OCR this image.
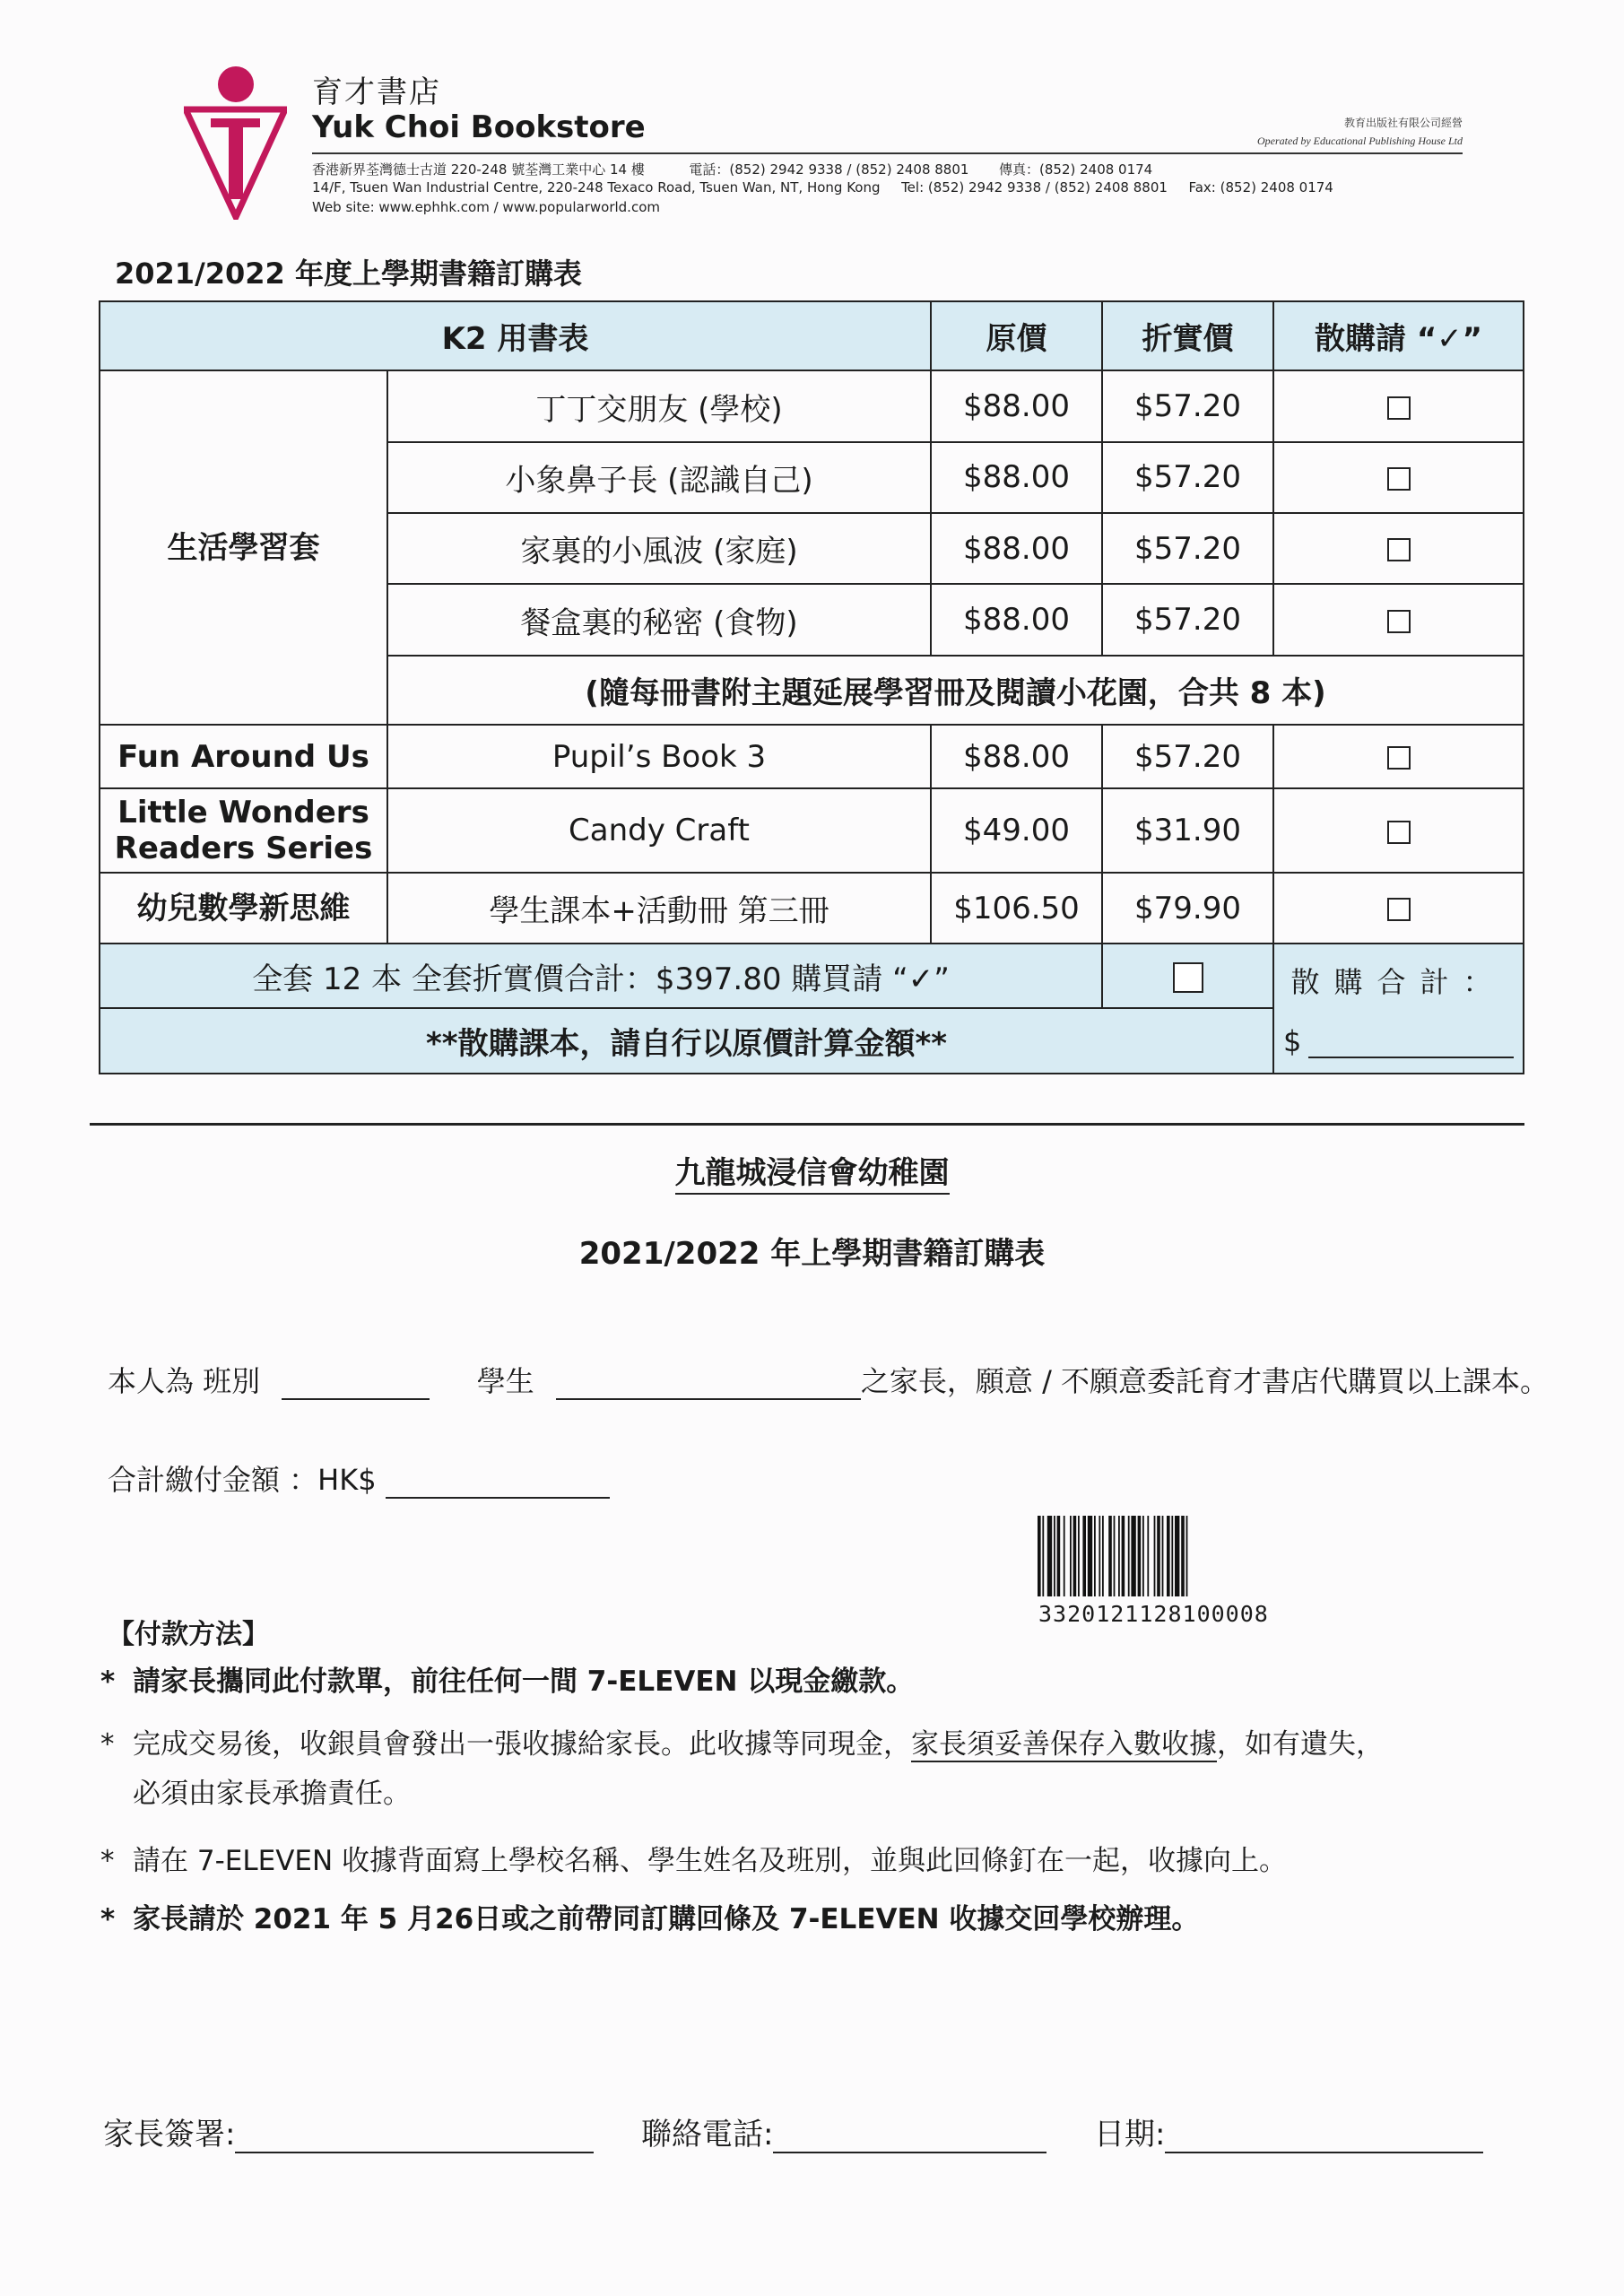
育才書店
Yuk Choi Bookstore	教育出版社有限公司經營
Operated by Educational Publishing House Ltd
香港新界荃灣德士古道 220-248 號荃灣工業中心 14 樓	電話：(852) 2942 9338 / (852) 2408 8801 傳真：(852) 2408 0174
14/F, Tsuen Wan Industrial Centre, 220-248 Texaco Road, Tsuen Wan, NT, Hong Kong Tel: (852) 2942 9338 / (852) 2408 8801 Fax: (852) 2408 0174
Web site: www.ephhk.com / www.popularworld.com
2021/2022 年度上學期書籍訂購表
K2 用書表		原價	折實價	散購請 “✓”
生活學習套	丁丁交朋友 (學校)	$88.00	$57.20	
	小象鼻子長 (認識自己)	$88.00	$57.20	
	家裏的小風波 (家庭)	$88.00	$57.20	
	餐盒裏的秘密 (食物)	$88.00	$57.20	
	(隨每冊書附主題延展學習冊及閱讀小花園，合共 8 本)			
Fun Around Us	Pupil’s Book 3	$88.00	$57.20	
Little Wonders Readers Series	Candy Craft	$49.00	$31.90	
幼兒數學新思維	學生課本+活動冊 第三冊	$106.50	$79.90	
全套 12 本 全套折實價合計：$397.80 購買請 “✓”				散購合計：
$

**散購課本，請自行以原價計算金額**				
九龍城浸信會幼稚園
2021/2022 年上學期書籍訂購表
本人為 班別	學生	之家長，願意 / 不願意委託育才書店代購買以上課本。
合計繳付金額 ：HK$
3320121128100008
【付款方法】
* 請家長攜同此付款單，前往任何一間 7-ELEVEN 以現金繳款。
* 完成交易後，收銀員會發出一張收據給家長。此收據等同現金，家長須妥善保存入數收據，如有遺失，
必須由家長承擔責任。
* 請在 7-ELEVEN 收據背面寫上學校名稱、學生姓名及班別，並與此回條釘在一起，收據向上。
* 家長請於 2021 年 5 月26日或之前帶同訂購回條及 7-ELEVEN 收據交回學校辦理。
家長簽署:	聯絡電話:	日期:
